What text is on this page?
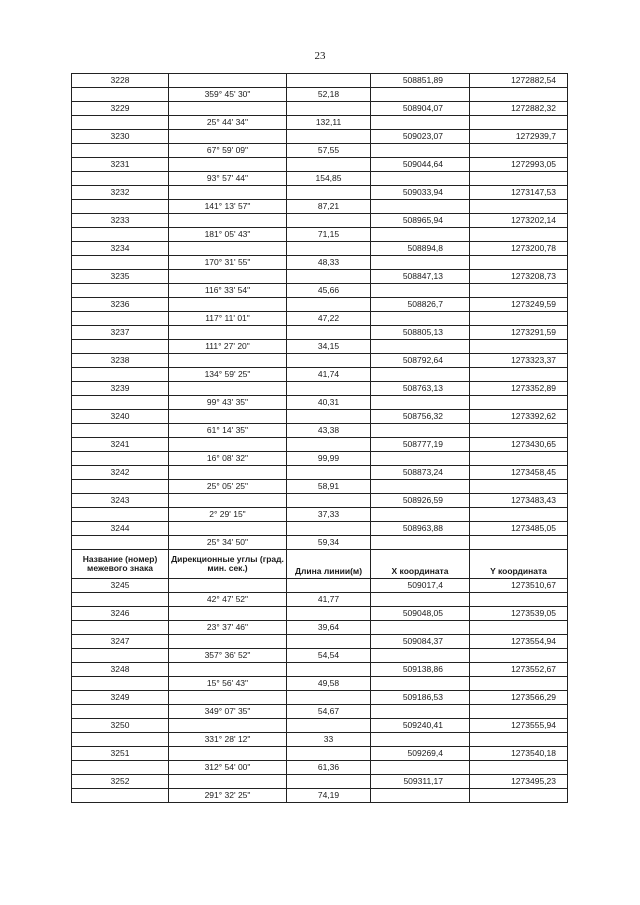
23
3228			508851,89	1272882,54
	359° 45' 30"	52,18		
3229			508904,07	1272882,32
	25° 44' 34"	132,11		
3230			509023,07	1272939,7
	67° 59' 09"	57,55		
3231			509044,64	1272993,05
	93° 57' 44"	154,85		
3232			509033,94	1273147,53
	141° 13' 57"	87,21		
3233			508965,94	1273202,14
	181° 05' 43"	71,15		
3234			508894,8	1273200,78
	170° 31' 55"	48,33		
3235			508847,13	1273208,73
	116° 33' 54"	45,66		
3236			508826,7	1273249,59
	117° 11' 01"	47,22		
3237			508805,13	1273291,59
	111° 27' 20"	34,15		
3238			508792,64	1273323,37
	134° 59' 25"	41,74		
3239			508763,13	1273352,89
	99° 43' 35"	40,31		
3240			508756,32	1273392,62
	61° 14' 35"	43,38		
3241			508777,19	1273430,65
	16° 08' 32"	99,99		
3242			508873,24	1273458,45
	25° 05' 25"	58,91		
3243			508926,59	1273483,43
	2° 29' 15"	37,33		
3244			508963,88	1273485,05
	25° 34' 50"	59,34		
Название (номер) межевого знака	Дирекционные углы (град. мин. сек.)	Длина линии(м)	X координата	Y координата
3245			509017,4	1273510,67
	42° 47' 52"	41,77		
3246			509048,05	1273539,05
	23° 37' 46"	39,64		
3247			509084,37	1273554,94
	357° 36' 52"	54,54		
3248			509138,86	1273552,67
	15° 56' 43"	49,58		
3249			509186,53	1273566,29
	349° 07' 35"	54,67		
3250			509240,41	1273555,94
	331° 28' 12"	33		
3251			509269,4	1273540,18
	312° 54' 00"	61,36		
3252			509311,17	1273495,23
	291° 32' 25"	74,19		
